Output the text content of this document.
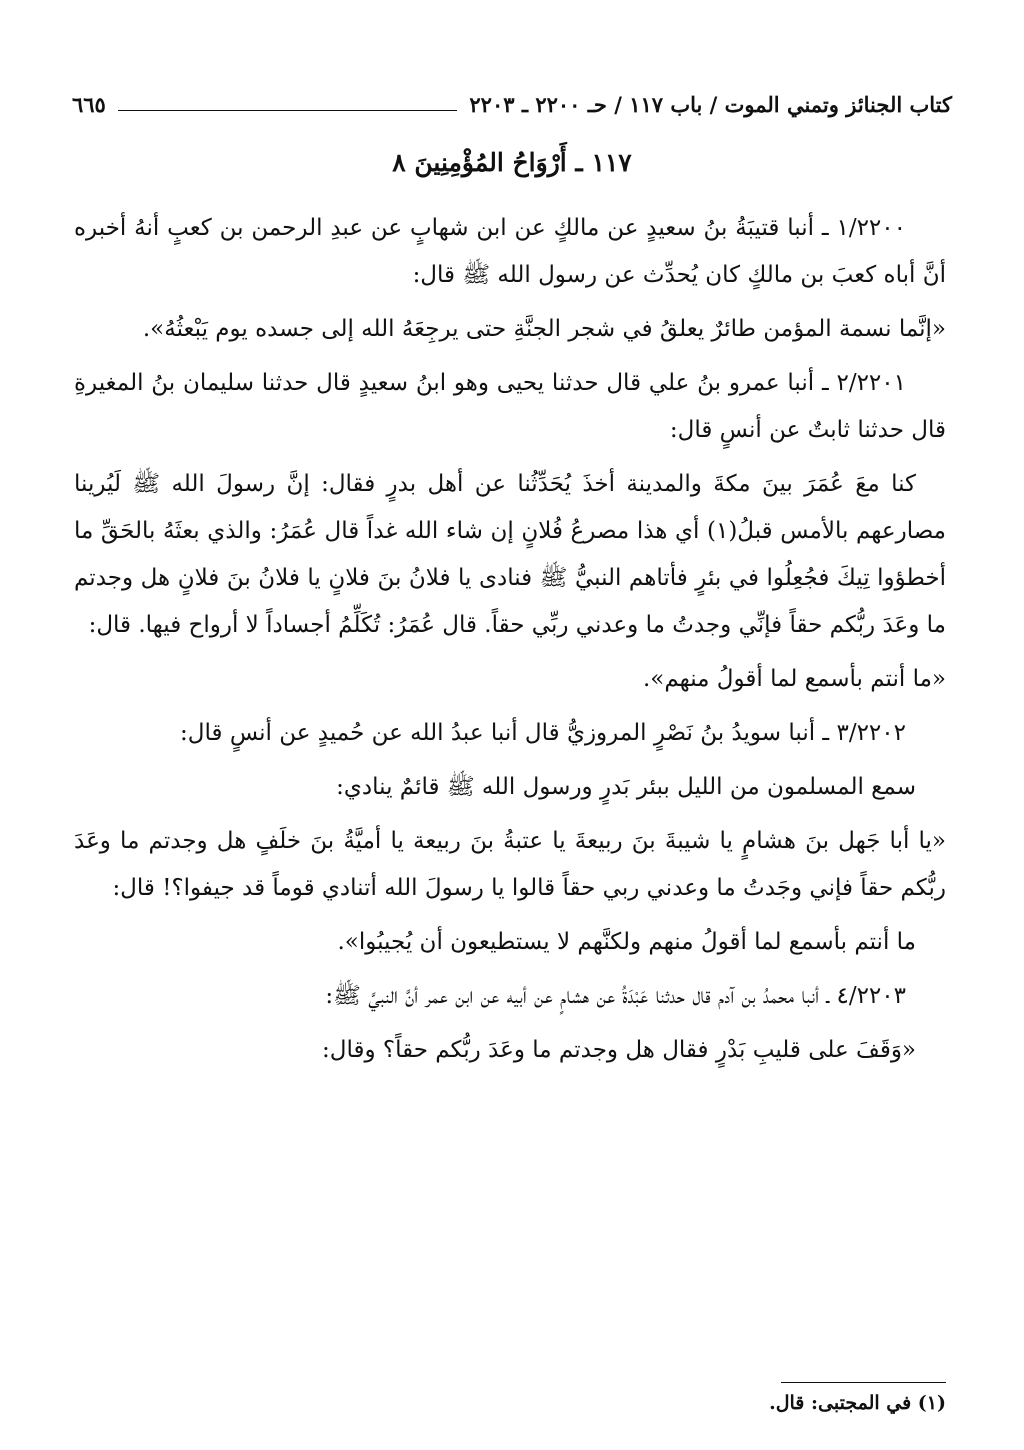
كتاب الجنائز وتمني الموت / باب ١١٧ / حـ ٢٢٠٠ ـ ٢٢٠٣
٦٦٥
١١٧ ـ أَرْوَاحُ المُؤْمِنِينَ ٨

١/٢٢٠٠ ـ أنبا قتيبَةُ بنُ سعيدٍ عن مالكٍ عن ابن شهابٍ عن عبدِ الرحمن بن كعبٍ أنهُ أخبره أنَّ أباه كعبَ بن مالكٍ كان يُحدِّث عن رسول الله ﷺ قال:

«إنَّما نسمة المؤمن طائرٌ يعلقُ في شجر الجنَّةِ حتى يرجِعَهُ الله إلى جسده يوم يَبْعثُهُ».

٢/٢٢٠١ ـ أنبا عمرو بنُ علي قال حدثنا يحيى وهو ابنُ سعيدٍ قال حدثنا سليمان بنُ المغيرةِ قال حدثنا ثابتٌ عن أنسٍ قال:

كنا معَ عُمَرَ بينَ مكةَ والمدينة أخذَ يُحَدِّثُنا عن أهل بدرٍ فقال: إنَّ رسولَ الله ﷺ لَيُرينا مصارعهم بالأمس قبلُ(١) أي هذا مصرعُ فُلانٍ إن شاء الله غداً قال عُمَرُ: والذي بعثَهُ بالحَقِّ ما أخطؤوا تِيكَ فجُعِلُوا في بئرٍ فأتاهم النبيُّ ﷺ فنادى يا فلانُ بنَ فلانٍ يا فلانُ بنَ فلانٍ هل وجدتم ما وعَدَ ربُّكم حقاً فإنِّي وجدتُ ما وعدني ربِّي حقاً. قال عُمَرُ: تُكَلِّمُ أجساداً لا أرواح فيها. قال:

«ما أنتم بأسمع لما أقولُ منهم».

٣/٢٢٠٢ ـ أنبا سويدُ بنُ نَصْرٍ المروزيُّ قال أنبا عبدُ الله عن حُميدٍ عن أنسٍ قال:

سمع المسلمون من الليل ببئر بَدرٍ ورسول الله ﷺ قائمٌ ينادي:

«يا أبا جَهل بنَ هشامٍ يا شيبةَ بنَ ربيعةَ يا عتبةُ بنَ ربيعة يا أميَّةُ بنَ خلَفٍ هل وجدتم ما وعَدَ ربُّكم حقاً فإني وجَدتُ ما وعدني ربي حقاً قالوا يا رسولَ الله أتنادي قوماً قد جيفوا؟! قال:

ما أنتم بأسمع لما أقولُ منهم ولكنَّهم لا يستطيعون أن يُجيبُوا».

٤/٢٢٠٣ ـ أنبا محمدُ بن آدم قال حدثنا عَبْدَةُ عن هشامٍ عن أبيه عن ابن عمر أنَّ النبيَّ ﷺ:

«وَقَفَ على قليبِ بَدْرٍ فقال هل وجدتم ما وعَدَ ربُّكم حقاً؟ وقال:

(١) في المجتبى: قال.
